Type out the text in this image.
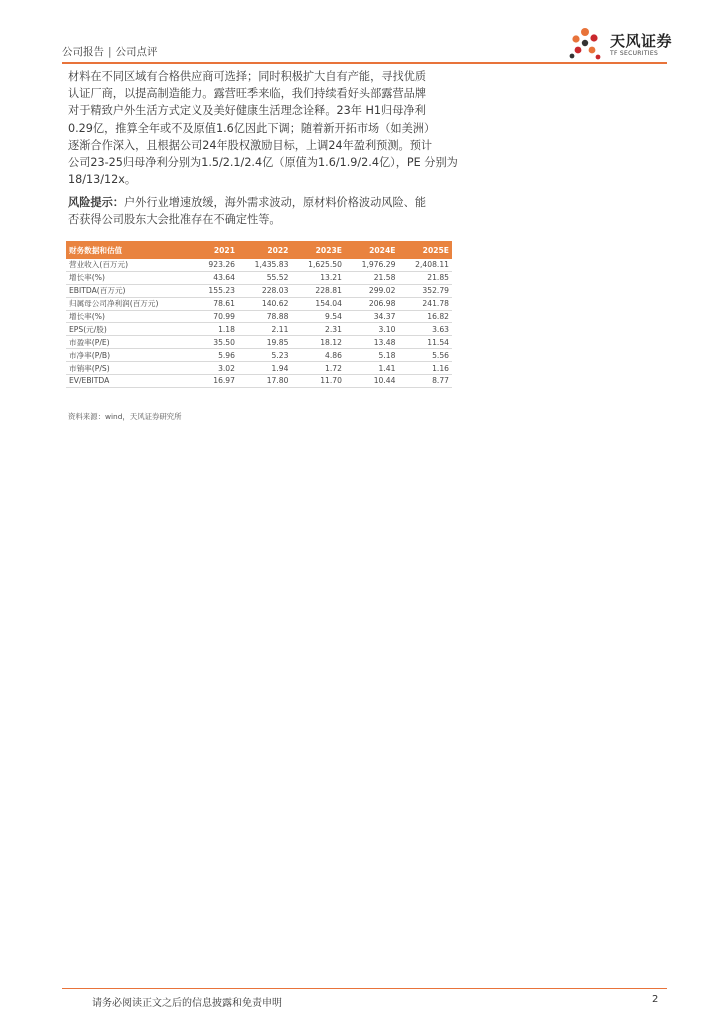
公司报告 | 公司点评
天风证券
TF SECURITIES
材料在不同区域有合格供应商可选择；同时积极扩大自有产能，寻找优质
认证厂商，以提高制造能力。露营旺季来临，我们持续看好头部露营品牌
对于精致户外生活方式定义及美好健康生活理念诠释。23年 H1归母净利
0.29亿，推算全年或不及原值1.6亿因此下调；随着新开拓市场（如美洲）
逐渐合作深入，且根据公司24年股权激励目标，上调24年盈利预测。预计
公司23-25归母净利分别为1.5/2.1/2.4亿（原值为1.6/1.9/2.4亿），PE 分别为
18/13/12x。
风险提示：户外行业增速放缓，海外需求波动，原材料价格波动风险、能
否获得公司股东大会批准存在不确定性等。
财务数据和估值	2021	2022	2023E	2024E	2025E
营业收入(百万元)	923.26	1,435.83	1,625.50	1,976.29	2,408.11
增长率(%)	43.64	55.52	13.21	21.58	21.85
EBITDA(百万元)	155.23	228.03	228.81	299.02	352.79
归属母公司净利润(百万元)	78.61	140.62	154.04	206.98	241.78
增长率(%)	70.99	78.88	9.54	34.37	16.82
EPS(元/股)	1.18	2.11	2.31	3.10	3.63
市盈率(P/E)	35.50	19.85	18.12	13.48	11.54
市净率(P/B)	5.96	5.23	4.86	5.18	5.56
市销率(P/S)	3.02	1.94	1.72	1.41	1.16
EV/EBITDA	16.97	17.80	11.70	10.44	8.77
资料来源：wind，天风证券研究所
请务必阅读正文之后的信息披露和免责申明	2
